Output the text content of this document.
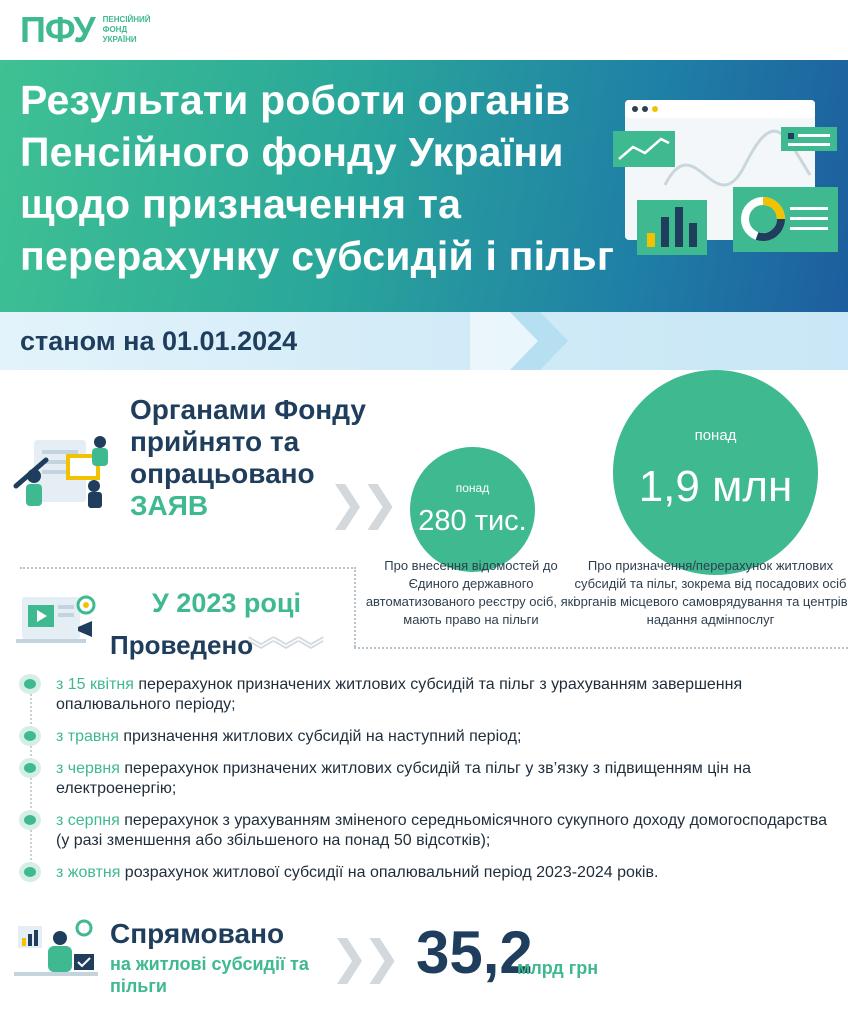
ПФУ ПЕНСІЙНИЙ
ФОНД
УКРАЇНИ
Результати роботи органів Пенсійного фонду України щодо призначення та перерахунку субсидій і пільг
станом на 01.01.2024
Органами Фонду прийнято та опрацьовано
ЗАЯВ	❯❯	понад
280 тис.
понад
1,9 млн
Про внесення відомостей до Єдиного державного автоматизованого реєстру осіб, які мають право на пільги
Про призначення/перерахунок житлових субсидій та пільг, зокрема від посадових осіб органів місцевого самоврядування та центрів надання адмінпослуг
У 2023 році
Проведено
︾︾︾
з 15 квітня перерахунок призначених житлових субсидій та пільг з урахуванням завершення опалювального періоду;
з травня призначення житлових субсидій на наступний період;
з червня перерахунок призначених житлових субсидій та пільг у зв’язку з підвищенням цін на електроенергію;
з серпня перерахунок з урахуванням зміненого середньомісячного сукупного доходу домогосподарства (у разі зменшення або збільшеного на понад 50 відсотків);
з жовтня розрахунок житлової субсидії на опалювальний період 2023-2024 років.
Спрямовано
на житлові субсидії та пільги
❯❯ 35,2
млрд грн
